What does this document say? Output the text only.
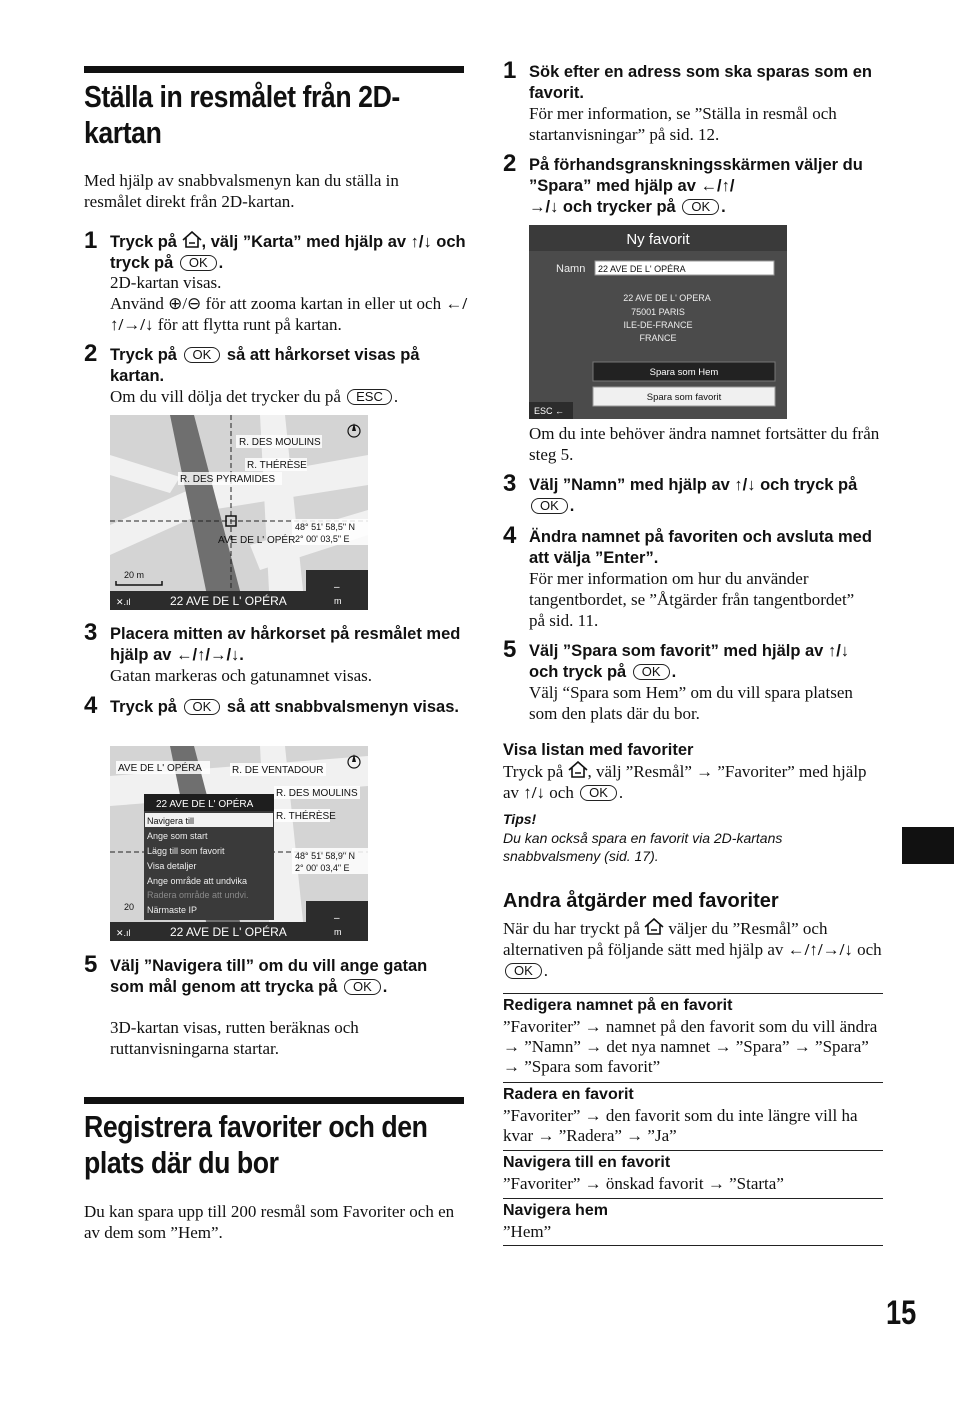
Ställa in resmålet från 2D-
kartan
Med hjälp av snabbvalsmenyn kan du ställa in resmålet direkt från 2D-kartan.
1 Tryck på , välj ”Karta” med hjälp av ↑/↓ och tryck på OK .
2D-kartan visas.
Använd ⊕/⊖ för att zooma kartan in eller ut och ←/↑/→/↓ för att flytta runt på kartan.
2 Tryck på OK så att hårkorset visas på kartan.
Om du vill dölja det trycker du på ESC .
R. DES MOULINS
R. THÉRÈSE
R. DES PYRAMIDES
48° 51' 58,5" N
2° 00' 03,5" E
AVE DE L' OPÉR
20 m
–
m
✕.ıl	22 AVE DE L' OPÉRA
3 Placera mitten av hårkorset på resmålet med hjälp av ←/↑/→/↓.
Gatan markeras och gatunamnet visas.
4 Tryck på OK så att snabbvalsmenyn visas.
AVE DE L' OPÉRA	R. DE VENTADOUR
R. DES MOULINS
R. THÉRÈSE
48° 51' 58,9" N
2° 00' 03,4" E
22 AVE DE L' OPÉRA
Navigera till
Ange som start
Lägg till som favorit
Visa detaljer
Ange område att undvika
Radera område att undvi.
Närmaste IP
20
–
m
✕.ıl	22 AVE DE L' OPÉRA
5 Välj ”Navigera till” om du vill ange gatan som mål genom att trycka på OK .
3D-kartan visas, rutten beräknas och ruttanvisningarna startar.
Registrera favoriter och den plats där du bor
Du kan spara upp till 200 resmål som Favoriter och en av dem som ”Hem”.
1 Sök efter en adress som ska sparas som en favorit.
För mer information, se ”Ställa in resmål och startanvisningar” på sid. 12.
2 På förhandsgranskningsskärmen väljer du ”Spara” med hjälp av ←/↑/
→/↓ och trycker på OK .
Ny favorit
Namn 22 AVE DE L' OPÉRA
22 AVE DE L' OPERA
75001 PARIS
ILE-DE-FRANCE
FRANCE
Spara som Hem
Spara som favorit
ESC ←
Om du inte behöver ändra namnet fortsätter du från steg 5.
3 Välj ”Namn” med hjälp av ↑/↓ och tryck på OK .
4 Ändra namnet på favoriten och avsluta med att välja ”Enter”.
För mer information om hur du använder tangentbordet, se ”Åtgärder från tangentbordet” på sid. 11.
5 Välj ”Spara som favorit” med hjälp av ↑/↓ och tryck på OK .
Välj “Spara som Hem” om du vill spara platsen som den plats där du bor.
Visa listan med favoriter
Tryck på , välj ”Resmål” → ”Favoriter” med hjälp av ↑/↓ och OK .
Tips!
Du kan också spara en favorit via 2D-kartans snabbvalsmeny (sid. 17).
Andra åtgärder med favoriter
När du har tryckt på  väljer du ”Resmål” och alternativen på följande sätt med hjälp av ←/↑/→/↓ och OK .
Redigera namnet på en favorit
”Favoriter” → namnet på den favorit som du vill ändra → ”Namn” → det nya namnet → ”Spara” → ”Spara” → ”Spara som favorit”
Radera en favorit
”Favoriter” → den favorit som du inte längre vill ha kvar → ”Radera” → ”Ja”
Navigera till en favorit
”Favoriter” → önskad favorit → ”Starta”
Navigera hem
”Hem”
15
